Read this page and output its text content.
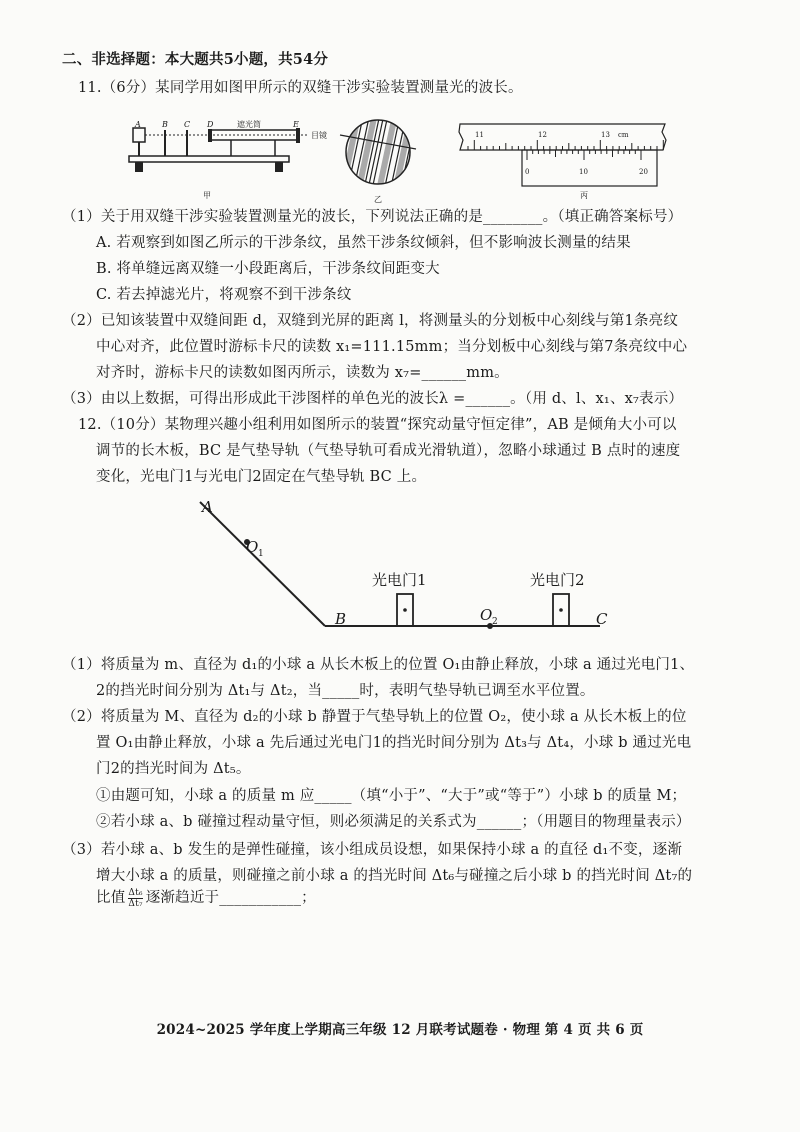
二、非选择题：本大题共5小题，共54分
11.（6分）某同学用如图甲所示的双缝干涉实验装置测量光的波长。
A	B C D	E
遮光筒
目镜
甲	乙
11	12	13 cm
0	10	20
丙
（1）关于用双缝干涉实验装置测量光的波长，下列说法正确的是________。（填正确答案标号）
A. 若观察到如图乙所示的干涉条纹，虽然干涉条纹倾斜，但不影响波长测量的结果
B. 将单缝远离双缝一小段距离后，干涉条纹间距变大
C. 若去掉滤光片，将观察不到干涉条纹
（2）已知该装置中双缝间距 d，双缝到光屏的距离 l，将测量头的分划板中心刻线与第1条亮纹
中心对齐，此位置时游标卡尺的读数 x₁=111.15mm；当分划板中心刻线与第7条亮纹中心
对齐时，游标卡尺的读数如图丙所示，读数为 x₇=______mm。
（3）由以上数据，可得出形成此干涉图样的单色光的波长λ =______。（用 d、l、x₁、x₇表示）
12.（10分）某物理兴趣小组利用如图所示的装置“探究动量守恒定律”，AB 是倾角大小可以
调节的长木板，BC 是气垫导轨（气垫导轨可看成光滑轨道），忽略小球通过 B 点时的速度
变化，光电门1与光电门2固定在气垫导轨 BC 上。
A
O 1
B	O 2	C
光电门1	光电门2
（1）将质量为 m、直径为 d₁的小球 a 从长木板上的位置 O₁由静止释放，小球 a 通过光电门1、
2的挡光时间分别为 Δt₁与 Δt₂，当_____时，表明气垫导轨已调至水平位置。
（2）将质量为 M、直径为 d₂的小球 b 静置于气垫导轨上的位置 O₂，使小球 a 从长木板上的位
置 O₁由静止释放，小球 a 先后通过光电门1的挡光时间分别为 Δt₃与 Δt₄，小球 b 通过光电
门2的挡光时间为 Δt₅。
①由题可知，小球 a 的质量 m 应_____（填“小于”、“大于”或“等于”）小球 b 的质量 M；
②若小球 a、b 碰撞过程动量守恒，则必须满足的关系式为______；（用题目的物理量表示）
（3）若小球 a、b 发生的是弹性碰撞，该小组成员设想，如果保持小球 a 的直径 d₁不变，逐渐
增大小球 a 的质量，则碰撞之前小球 a 的挡光时间 Δt₆与碰撞之后小球 b 的挡光时间 Δt₇的
比值 $\frac{\text{Δt₆}}{\text{Δt₇}}$ 逐渐趋近于___________；
2024~2025 学年度上学期高三年级 12 月联考试题卷 · 物理 第 4 页 共 6 页
